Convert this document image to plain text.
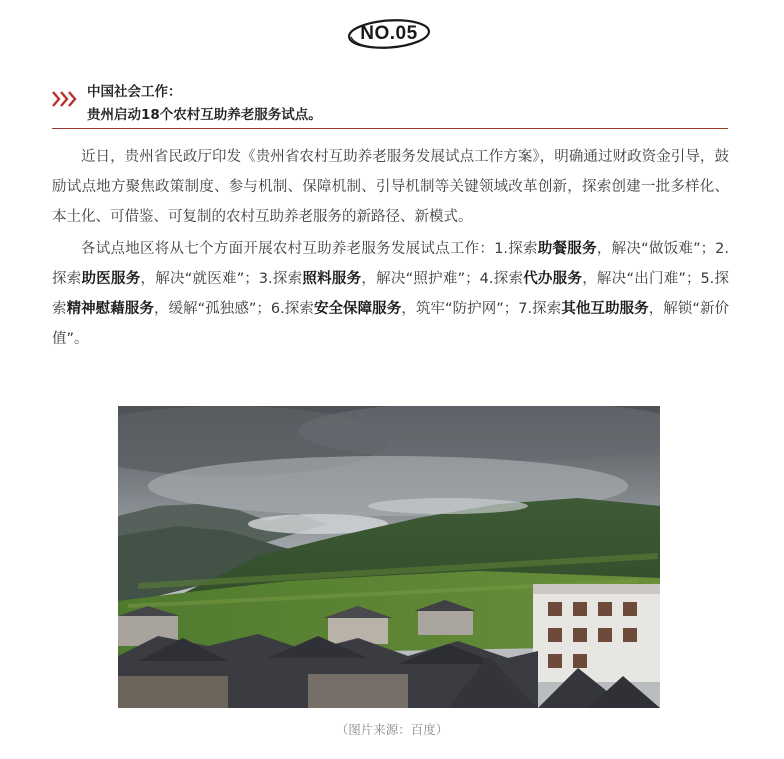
NO.05
中国社会工作：
贵州启动18个农村互助养老服务试点。

近日，贵州省民政厅印发《贵州省农村互助养老服务发展试点工作方案》，明确通过财政资金引导，鼓励试点地方聚焦政策制度、参与机制、保障机制、引导机制等关键领域改革创新，探索创建一批多样化、本土化、可借鉴、可复制的农村互助养老服务的新路径、新模式。

各试点地区将从七个方面开展农村互助养老服务发展试点工作：1.探索助餐服务，解决“做饭难”；2.探索助医服务，解决“就医难”；3.探索照料服务，解决“照护难”；4.探索代办服务，解决“出门难”；5.探索精神慰藉服务，缓解“孤独感”；6.探索安全保障服务，筑牢“防护网”；7.探索其他互助服务，解锁“新价值”。

（图片来源：百度）
